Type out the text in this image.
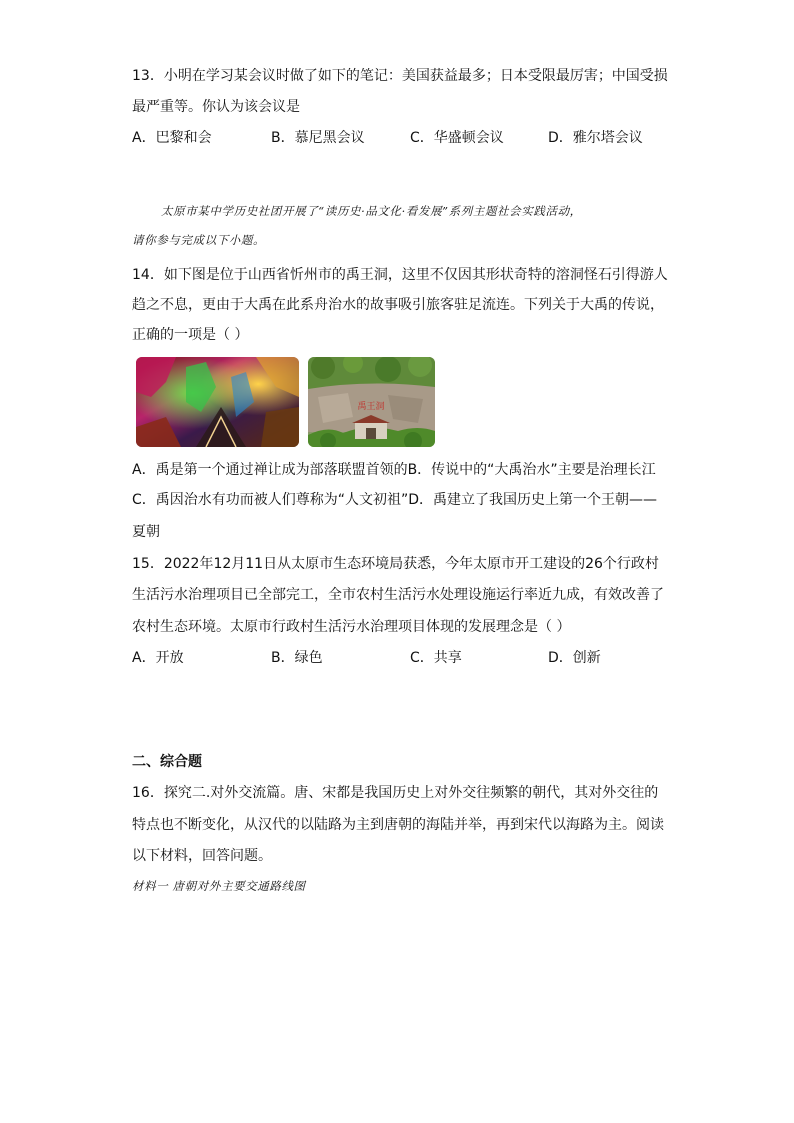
13．小明在学习某会议时做了如下的笔记：美国获益最多；日本受限最厉害；中国受损
最严重等。你认为该会议是
A．巴黎和会	B．慕尼黑会议	C．华盛顿会议	D．雅尔塔会议
太原市某中学历史社团开展了“读历史·品文化·看发展”系列主题社会实践活动，
请你参与完成以下小题。
14．如下图是位于山西省忻州市的禹王洞，这里不仅因其形状奇特的溶洞怪石引得游人
趋之不息，更由于大禹在此系舟治水的故事吸引旅客驻足流连。下列关于大禹的传说，
正确的一项是（ ）
禹王洞
A．禹是第一个通过禅让成为部落联盟首领的B．传说中的“大禹治水”主要是治理长江
C．禹因治水有功而被人们尊称为“人文初祖”D．禹建立了我国历史上第一个王朝——
夏朝
15．2022年12月11日从太原市生态环境局获悉，今年太原市开工建设的26个行政村
生活污水治理项目已全部完工，全市农村生活污水处理设施运行率近九成，有效改善了
农村生态环境。太原市行政村生活污水治理项目体现的发展理念是（ ）
A．开放	B．绿色	C．共享	D．创新
二、综合题
16．探究二.对外交流篇。唐、宋都是我国历史上对外交往频繁的朝代，其对外交往的
特点也不断变化，从汉代的以陆路为主到唐朝的海陆并举，再到宋代以海路为主。阅读
以下材料，回答问题。
材料一 唐朝对外主要交通路线图
